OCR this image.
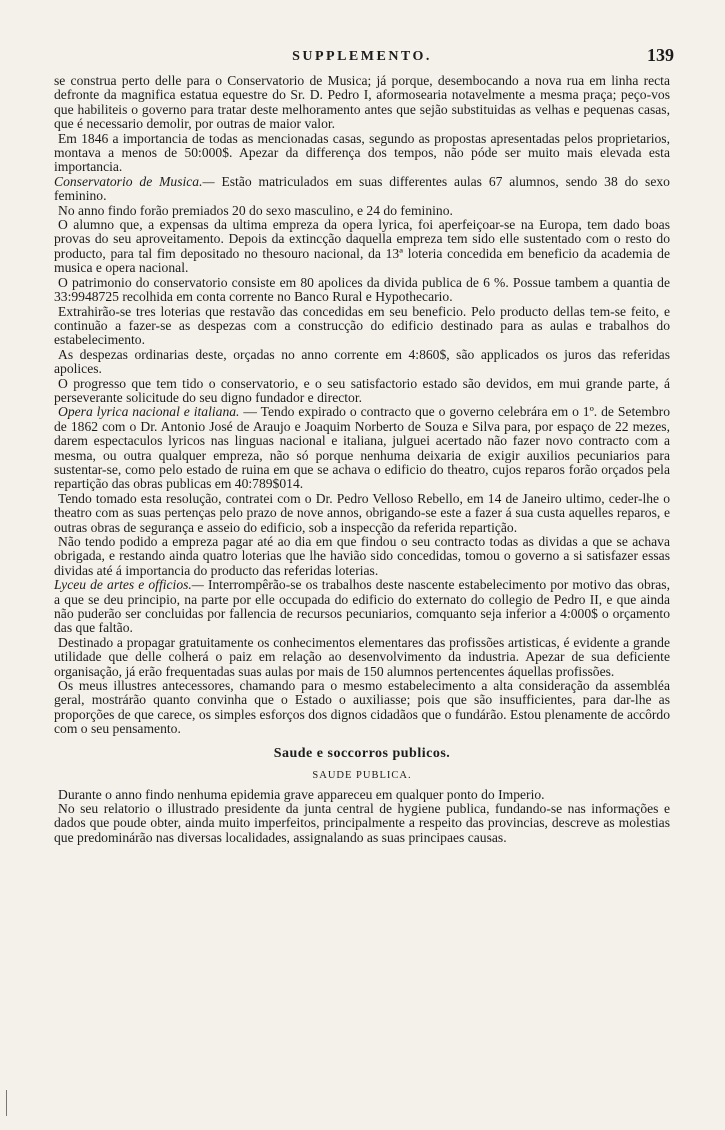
SUPPLEMENTO.	139

se construa perto delle para o Conservatorio de Musica; já porque, desembocando a nova rua em linha recta defronte da magnifica estatua equestre do Sr. D. Pedro I, aformosearia notavelmente a mesma praça; peço-vos que habiliteis o governo para tratar deste melhoramento antes que sejão substituidas as velhas e pequenas casas, que é necessario demolir, por outras de maior valor.

Em 1846 a importancia de todas as mencionadas casas, segundo as propostas apresentadas pelos proprietarios, montava a menos de 50:000$. Apezar da differença dos tempos, não póde ser muito mais elevada esta importancia.

Conservatorio de Musica.— Estão matriculados em suas differentes aulas 67 alumnos, sendo 38 do sexo feminino.

No anno findo forão premiados 20 do sexo masculino, e 24 do feminino.

O alumno que, a expensas da ultima empreza da opera lyrica, foi aperfeiçoar-se na Europa, tem dado boas provas do seu aproveitamento. Depois da extincção daquella empreza tem sido elle sustentado com o resto do producto, para tal fim depositado no thesouro nacional, da 13ª loteria concedida em beneficio da academia de musica e opera nacional.

O patrimonio do conservatorio consiste em 80 apolices da divida publica de 6 %. Possue tambem a quantia de 33:9948725 recolhida em conta corrente no Banco Rural e Hypothecario.

Extrahirão-se tres loterias que restavão das concedidas em seu beneficio. Pelo producto dellas tem-se feito, e continuão a fazer-se as despezas com a construcção do edificio destinado para as aulas e trabalhos do estabelecimento.

As despezas ordinarias deste, orçadas no anno corrente em 4:860$, são applicados os juros das referidas apolices.

O progresso que tem tido o conservatorio, e o seu satisfactorio estado são devidos, em mui grande parte, á perseverante solicitude do seu digno fundador e director.

Opera lyrica nacional e italiana. — Tendo expirado o contracto que o governo celebrára em o 1º. de Setembro de 1862 com o Dr. Antonio José de Araujo e Joaquim Norberto de Souza e Silva para, por espaço de 22 mezes, darem espectaculos lyricos nas linguas nacional e italiana, julguei acertado não fazer novo contracto com a mesma, ou outra qualquer empreza, não só porque nenhuma deixaria de exigir auxilios pecuniarios para sustentar-se, como pelo estado de ruina em que se achava o edificio do theatro, cujos reparos forão orçados pela repartição das obras publicas em 40:789$014.

Tendo tomado esta resolução, contratei com o Dr. Pedro Velloso Rebello, em 14 de Janeiro ultimo, ceder-lhe o theatro com as suas pertenças pelo prazo de nove annos, obrigando-se este a fazer á sua custa aquelles reparos, e outras obras de segurança e asseio do edificio, sob a inspecção da referida repartição.

Não tendo podido a empreza pagar até ao dia em que findou o seu contracto todas as dividas a que se achava obrigada, e restando ainda quatro loterias que lhe havião sido concedidas, tomou o governo a si satisfazer essas dividas até á importancia do producto das referidas loterias.

Lyceu de artes e officios.— Interrompêrão-se os trabalhos deste nascente estabelecimento por motivo das obras, a que se deu principio, na parte por elle occupada do edificio do externato do collegio de Pedro II, e que ainda não puderão ser concluidas por fallencia de recursos pecuniarios, comquanto seja inferior a 4:000$ o orçamento das que faltão.

Destinado a propagar gratuitamente os conhecimentos elementares das profissões artisticas, é evidente a grande utilidade que delle colherá o paiz em relação ao desenvolvimento da industria. Apezar de sua deficiente organisação, já erão frequentadas suas aulas por mais de 150 alumnos pertencentes áquellas profissões.

Os meus illustres antecessores, chamando para o mesmo estabelecimento a alta consideração da assembléa geral, mostrárão quanto convinha que o Estado o auxiliasse; pois que são insufficientes, para dar-lhe as proporções de que carece, os simples esforços dos dignos cidadãos que o fundárão. Estou plenamente de accôrdo com o seu pensamento.

Saude e soccorros publicos.
SAUDE PUBLICA.

Durante o anno findo nenhuma epidemia grave appareceu em qualquer ponto do Imperio.

No seu relatorio o illustrado presidente da junta central de hygiene publica, fundando-se nas informações e dados que poude obter, ainda muito imperfeitos, principalmente a respeito das provincias, descreve as molestias que predominárão nas diversas localidades, assignalando as suas principaes causas.
